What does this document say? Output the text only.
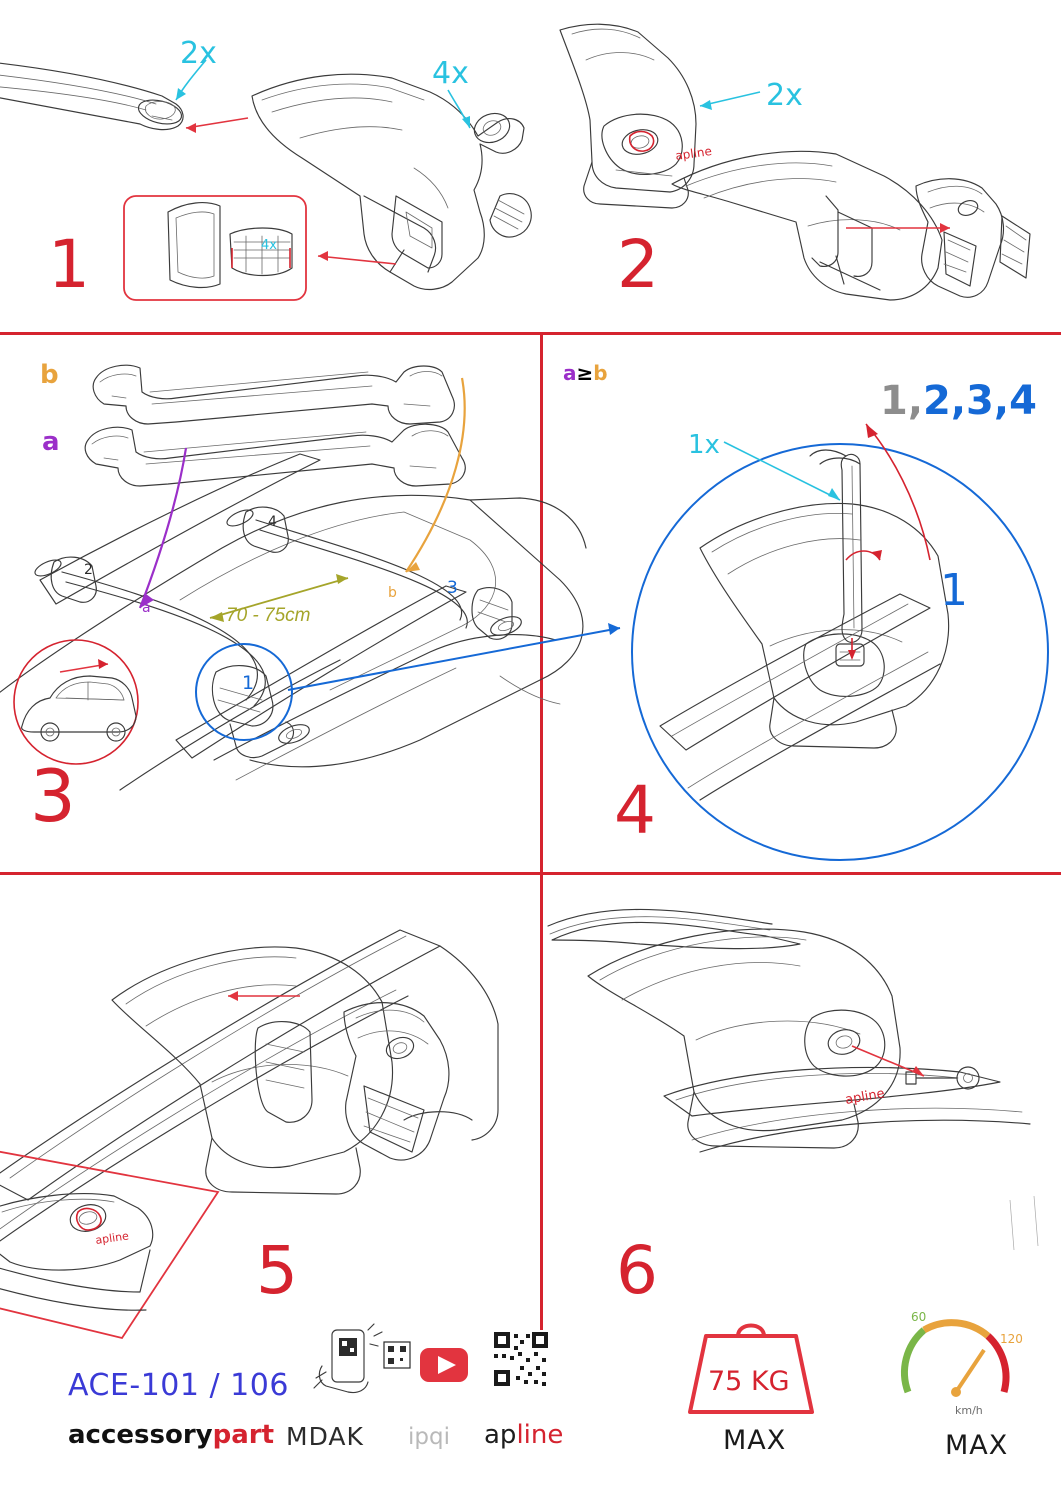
apline
apline
apline
1	2
3	4
5	6
2x
4x
4x
2x
1x
b
a
a≥b
a
b
1
2
3
4
70 - 75cm
1,2,3,4
1
ACE-101 / 106
accessorypart MDAK ipqi apline
75 KG
MAX	MAX
60
120
km/h
